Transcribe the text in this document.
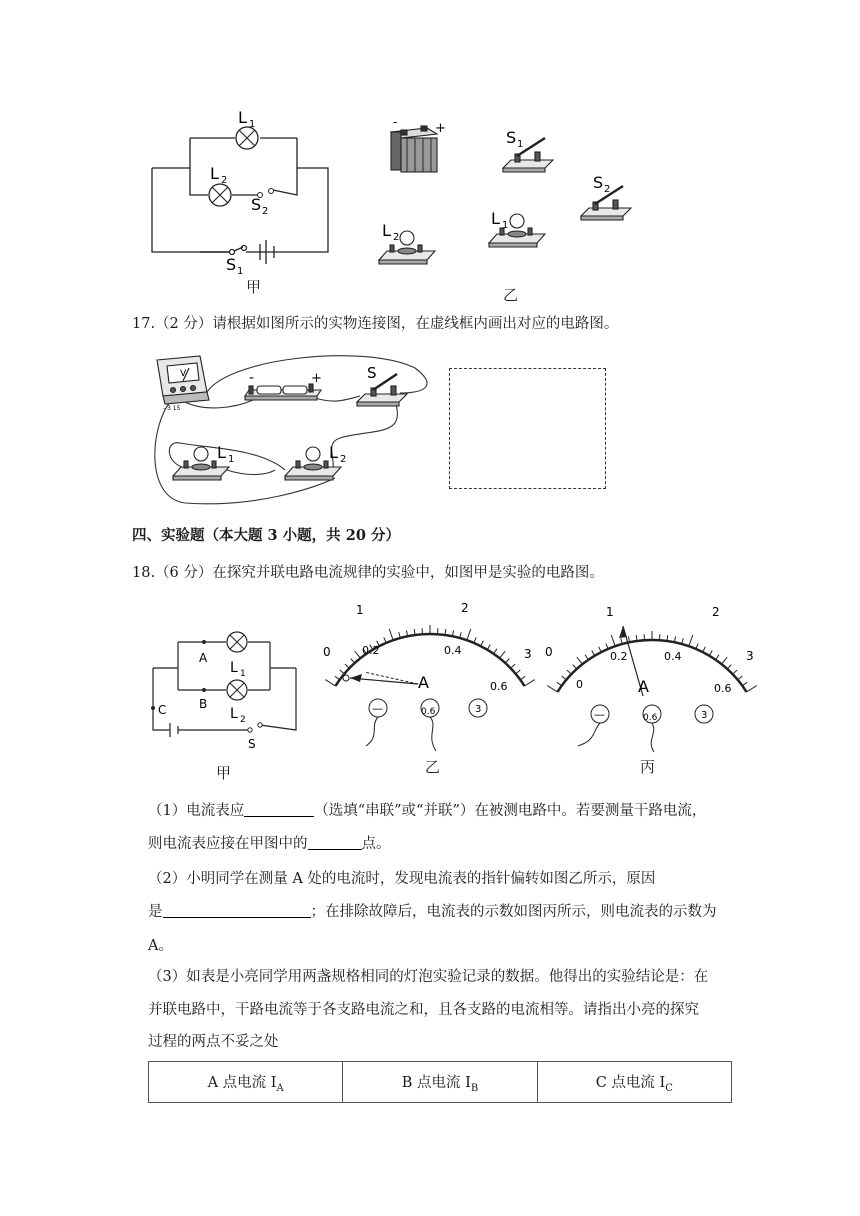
L 1
L 2
S 2
S 1
甲
-	+	S 1
S 2
L 1
L 2
乙
17.（2 分）请根据如图所示的实物连接图，在虚线框内画出对应的电路图。
V
- 3 15
-	+	S
L 1	L 2
四、实验题（本大题 3 小题，共 20 分）
18.（6 分）在探究并联电路电流规律的实验中，如图甲是实验的电路图。
A
B
C
S
L 1
L 2
甲
A
0
1	2
3
0.2	0.4
0.6
—	0.6	3
乙
A
0
1	2
3
0
0.2	0.4
0.6
—	0.6	3
丙
（1）电流表应	（选填“串联”或“并联”）在被测电路中。若要测量干路电流，
则电流表应接在甲图中的	点。
（2）小明同学在测量 A 处的电流时，发现电流表的指针偏转如图乙所示，原因
是	；在排除故障后，电流表的示数如图丙所示，则电流表的示数为
A。
（3）如表是小亮同学用两盏规格相同的灯泡实验记录的数据。他得出的实验结论是：在
并联电路中，干路电流等于各支路电流之和，且各支路的电流相等。请指出小亮的探究
过程的两点不妥之处
A 点电流 $I_A$	B 点电流 $I_B$	C 点电流 $I_C$
